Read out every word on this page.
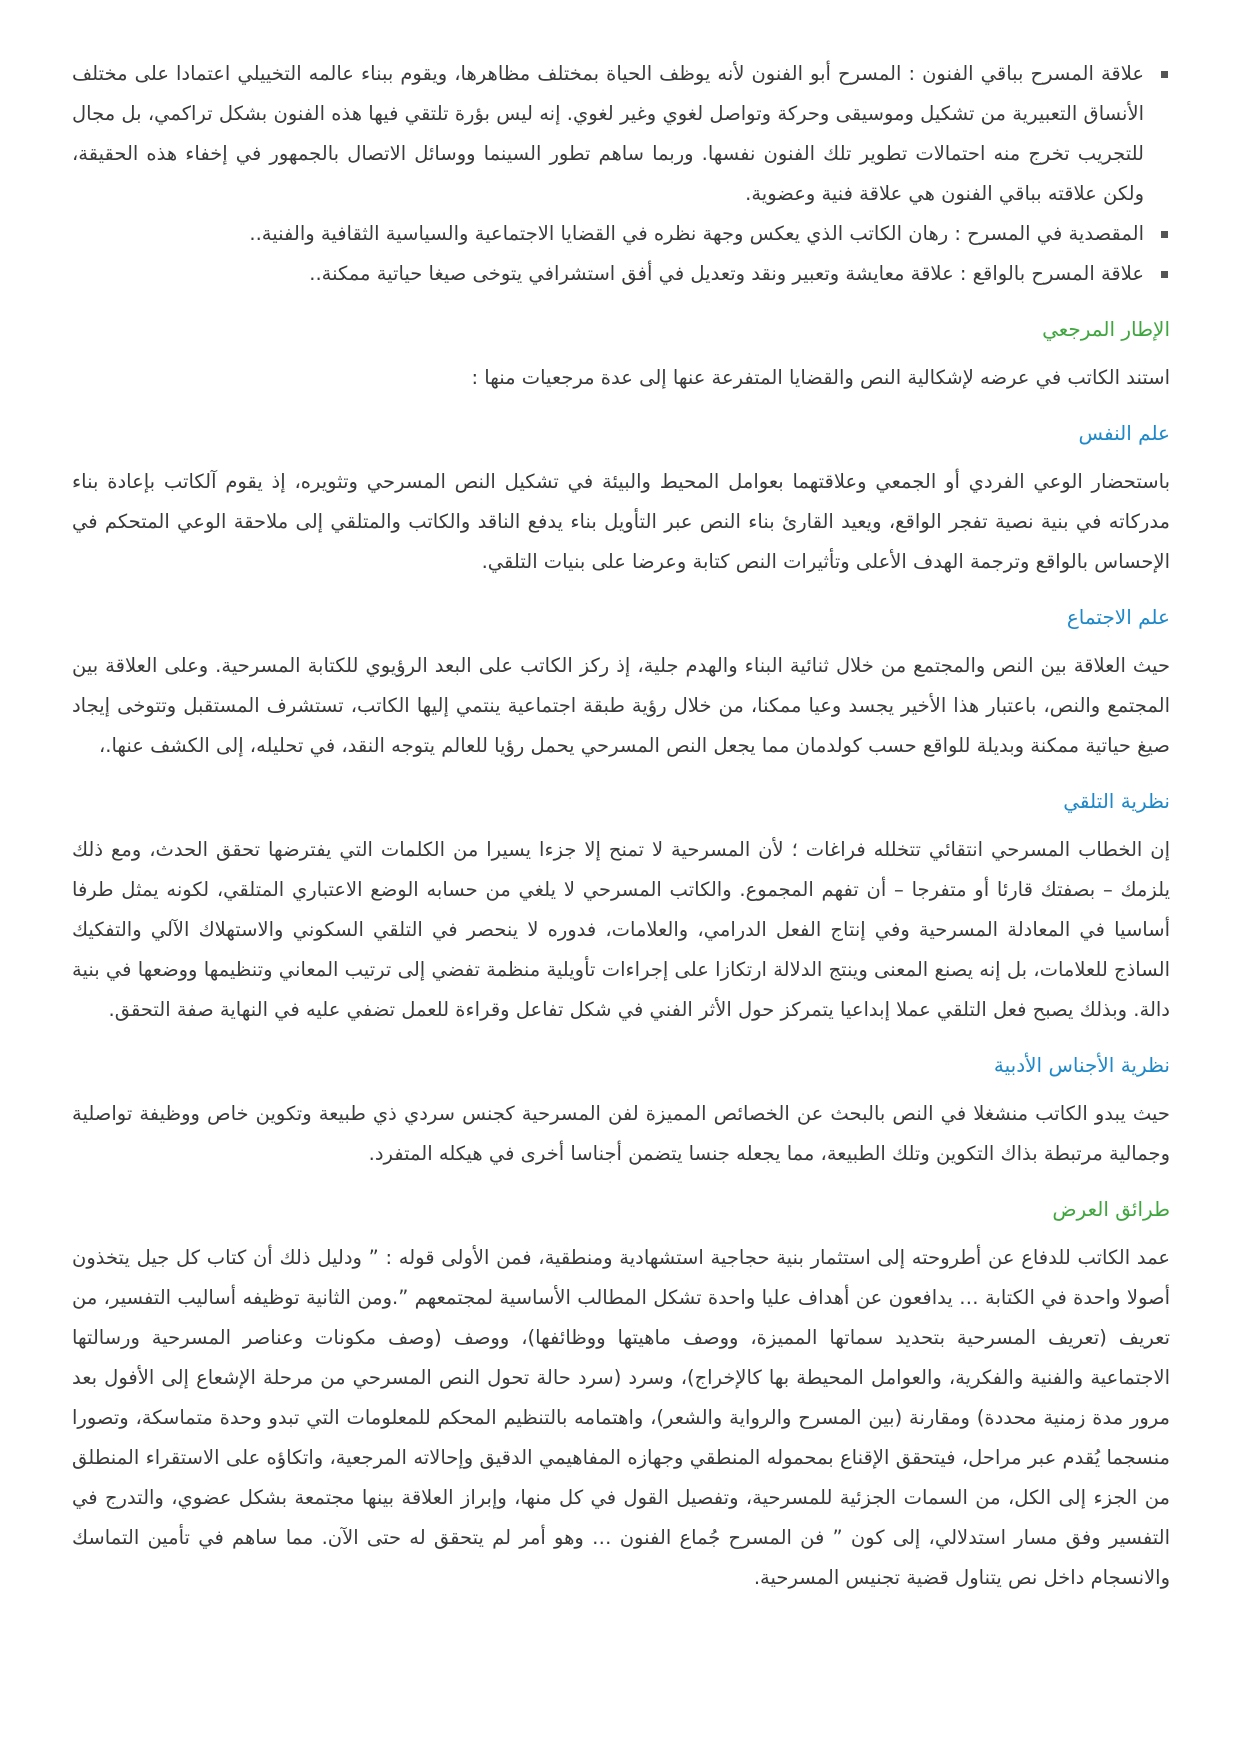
علاقة المسرح بباقي الفنون : المسرح أبو الفنون لأنه يوظف الحياة بمختلف مظاهرها، ويقوم ببناء عالمه التخييلي اعتمادا على مختلف الأنساق التعبيرية من تشكيل وموسيقى وحركة وتواصل لغوي وغير لغوي. إنه ليس بؤرة تلتقي فيها هذه الفنون بشكل تراكمي، بل مجال للتجريب تخرج منه احتمالات تطوير تلك الفنون نفسها. وربما ساهم تطور السينما ووسائل الاتصال بالجمهور في إخفاء هذه الحقيقة، ولكن علاقته بباقي الفنون هي علاقة فنية وعضوية.
المقصدية في المسرح : رهان الكاتب الذي يعكس وجهة نظره في القضايا الاجتماعية والسياسية الثقافية والفنية..
علاقة المسرح بالواقع : علاقة معايشة وتعبير ونقد وتعديل في أفق استشرافي يتوخى صيغا حياتية ممكنة..
الإطار المرجعي

استند الكاتب في عرضه لإشكالية النص والقضايا المتفرعة عنها إلى عدة مرجعيات منها :

علم النفس

باستحضار الوعي الفردي أو الجمعي وعلاقتهما بعوامل المحيط والبيئة في تشكيل النص المسرحي وتثويره، إذ يقوم آلكاتب بإعادة بناء مدركاته في بنية نصية تفجر الواقع، ويعيد القارئ بناء النص عبر التأويل بناء يدفع الناقد والكاتب والمتلقي إلى ملاحقة الوعي المتحكم في الإحساس بالواقع وترجمة الهدف الأعلى وتأثيرات النص كتابة وعرضا على بنيات التلقي.

علم الاجتماع

حيث العلاقة بين النص والمجتمع من خلال ثنائية البناء والهدم جلية، إذ ركز الكاتب على البعد الرؤيوي للكتابة المسرحية. وعلى العلاقة بين المجتمع والنص، باعتبار هذا الأخير يجسد وعيا ممكنا، من خلال رؤية طبقة اجتماعية ينتمي إليها الكاتب، تستشرف المستقبل وتتوخى إيجاد صيغ حياتية ممكنة وبديلة للواقع حسب كولدمان مما يجعل النص المسرحي يحمل رؤيا للعالم يتوجه النقد، في تحليله، إلى الكشف عنها.،

نظرية التلقي

إن الخطاب المسرحي انتقائي تتخلله فراغات ؛ لأن المسرحية لا تمنح إلا جزءا يسيرا من الكلمات التي يفترضها تحقق الحدث، ومع ذلك يلزمك – بصفتك قارئا أو متفرجا – أن تفهم المجموع. والكاتب المسرحي لا يلغي من حسابه الوضع الاعتباري المتلقي، لكونه يمثل طرفا أساسيا في المعادلة المسرحية وفي إنتاج الفعل الدرامي، والعلامات، فدوره لا ينحصر في التلقي السكوني والاستهلاك الآلي والتفكيك الساذج للعلامات، بل إنه يصنع المعنى وينتج الدلالة ارتكازا على إجراءات تأويلية منظمة تفضي إلى ترتيب المعاني وتنظيمها ووضعها في بنية دالة. وبذلك يصبح فعل التلقي عملا إبداعيا يتمركز حول الأثر الفني في شكل تفاعل وقراءة للعمل تضفي عليه في النهاية صفة التحقق.

نظرية الأجناس الأدبية

حيث يبدو الكاتب منشغلا في النص بالبحث عن الخصائص المميزة لفن المسرحية كجنس سردي ذي طبيعة وتكوين خاص ووظيفة تواصلية وجمالية مرتبطة بذاك التكوين وتلك الطبيعة، مما يجعله جنسا يتضمن أجناسا أخرى في هيكله المتفرد.

طرائق العرض

عمد الكاتب للدفاع عن أطروحته إلى استثمار بنية حجاجية استشهادية ومنطقية، فمن الأولى قوله : ” ودليل ذلك أن كتاب كل جيل يتخذون أصولا واحدة في الكتابة … يدافعون عن أهداف عليا واحدة تشكل المطالب الأساسية لمجتمعهم ”.ومن الثانية توظيفه أساليب التفسير، من تعريف (تعريف المسرحية بتحديد سماتها المميزة، ووصف ماهيتها ووظائفها)، ووصف (وصف مكونات وعناصر المسرحية ورسالتها الاجتماعية والفنية والفكرية، والعوامل المحيطة بها كالإخراج)، وسرد (سرد حالة تحول النص المسرحي من مرحلة الإشعاع إلى الأفول بعد مرور مدة زمنية محددة) ومقارنة (بين المسرح والرواية والشعر)، واهتمامه بالتنظيم المحكم للمعلومات التي تبدو وحدة متماسكة، وتصورا منسجما يُقدم عبر مراحل، فيتحقق الإقناع بمحموله المنطقي وجهازه المفاهيمي الدقيق وإحالاته المرجعية، واتكاؤه على الاستقراء المنطلق من الجزء إلى الكل، من السمات الجزئية للمسرحية، وتفصيل القول في كل منها، وإبراز العلاقة بينها مجتمعة بشكل عضوي، والتدرج في التفسير وفق مسار استدلالي، إلى كون ” فن المسرح جُماع الفنون … وهو أمر لم يتحقق له حتى الآن. مما ساهم في تأمين التماسك والانسجام داخل نص يتناول قضية تجنيس المسرحية.
